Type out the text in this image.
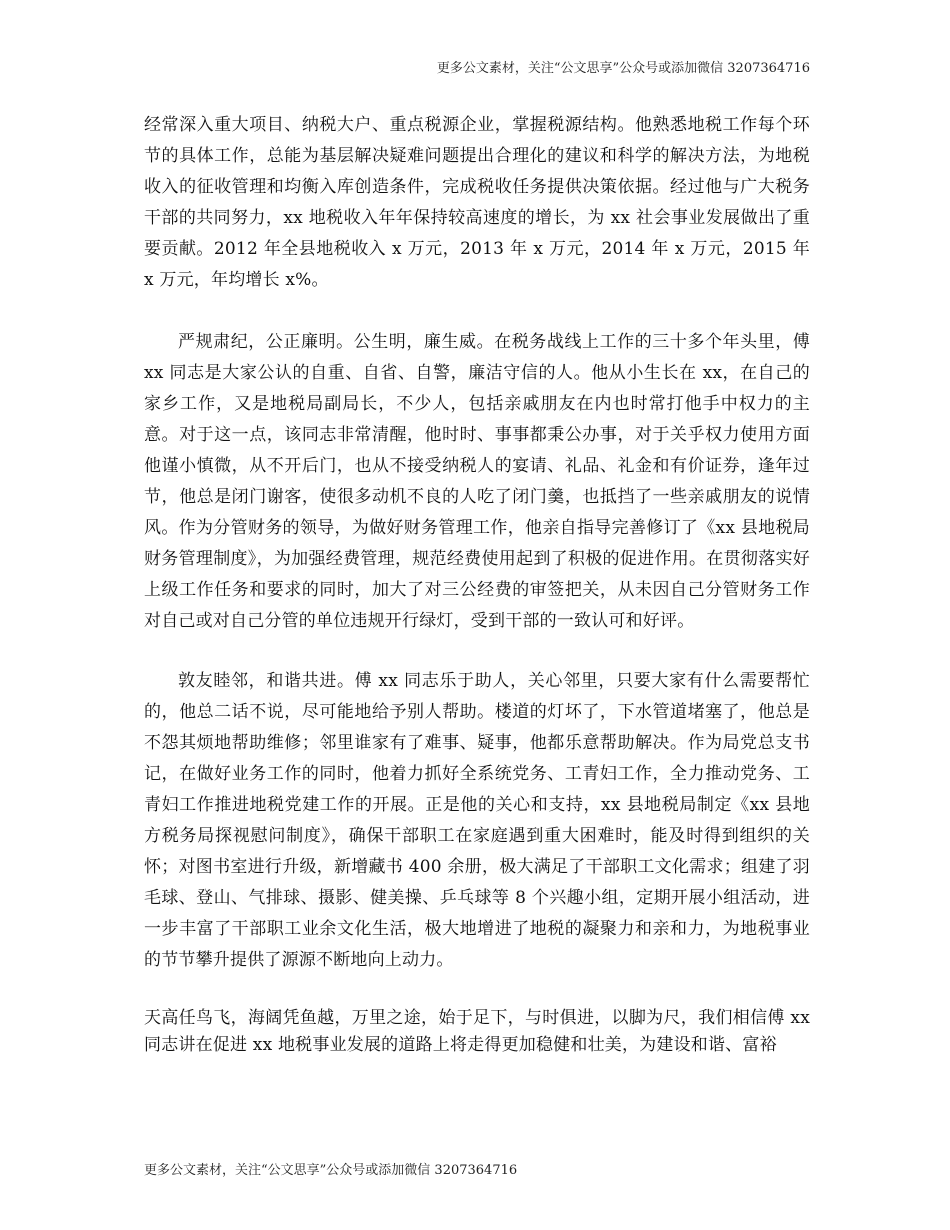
更多公文素材，关注“公文思享”公众号或添加微信 3207364716

经常深入重大项目、纳税大户、重点税源企业，掌握税源结构。他熟悉地税工作每个环节的具体工作，总能为基层解决疑难问题提出合理化的建议和科学的解决方法，为地税收入的征收管理和均衡入库创造条件，完成税收任务提供决策依据。经过他与广大税务干部的共同努力，xx 地税收入年年保持较高速度的增长，为 xx 社会事业发展做出了重要贡献。2012 年全县地税收入 x 万元，2013 年 x 万元，2014 年 x 万元，2015 年 x 万元，年均增长 x%。

严规肃纪，公正廉明。公生明，廉生威。在税务战线上工作的三十多个年头里，傅 xx 同志是大家公认的自重、自省、自警，廉洁守信的人。他从小生长在 xx，在自己的家乡工作，又是地税局副局长，不少人，包括亲戚朋友在内也时常打他手中权力的主意。对于这一点，该同志非常清醒，他时时、事事都秉公办事，对于关乎权力使用方面他谨小慎微，从不开后门，也从不接受纳税人的宴请、礼品、礼金和有价证券，逢年过节，他总是闭门谢客，使很多动机不良的人吃了闭门羹，也抵挡了一些亲戚朋友的说情风。作为分管财务的领导，为做好财务管理工作，他亲自指导完善修订了《xx 县地税局财务管理制度》，为加强经费管理，规范经费使用起到了积极的促进作用。在贯彻落实好上级工作任务和要求的同时，加大了对三公经费的审签把关，从未因自己分管财务工作对自己或对自己分管的单位违规开行绿灯，受到干部的一致认可和好评。

敦友睦邻，和谐共进。傅 xx 同志乐于助人，关心邻里，只要大家有什么需要帮忙的，他总二话不说，尽可能地给予别人帮助。楼道的灯坏了，下水管道堵塞了，他总是不怨其烦地帮助维修；邻里谁家有了难事、疑事，他都乐意帮助解决。作为局党总支书记，在做好业务工作的同时，他着力抓好全系统党务、工青妇工作，全力推动党务、工青妇工作推进地税党建工作的开展。正是他的关心和支持，xx 县地税局制定《xx 县地方税务局探视慰问制度》，确保干部职工在家庭遇到重大困难时，能及时得到组织的关怀；对图书室进行升级，新增藏书 400 余册，极大满足了干部职工文化需求；组建了羽毛球、登山、气排球、摄影、健美操、乒乓球等 8 个兴趣小组，定期开展小组活动，进一步丰富了干部职工业余文化生活，极大地增进了地税的凝聚力和亲和力，为地税事业的节节攀升提供了源源不断地向上动力。

天高任鸟飞，海阔凭鱼越，万里之途，始于足下，与时俱进，以脚为尺，我们相信傅 xx 同志讲在促进 xx 地税事业发展的道路上将走得更加稳健和壮美，为建设和谐、富裕

更多公文素材，关注“公文思享”公众号或添加微信 3207364716
